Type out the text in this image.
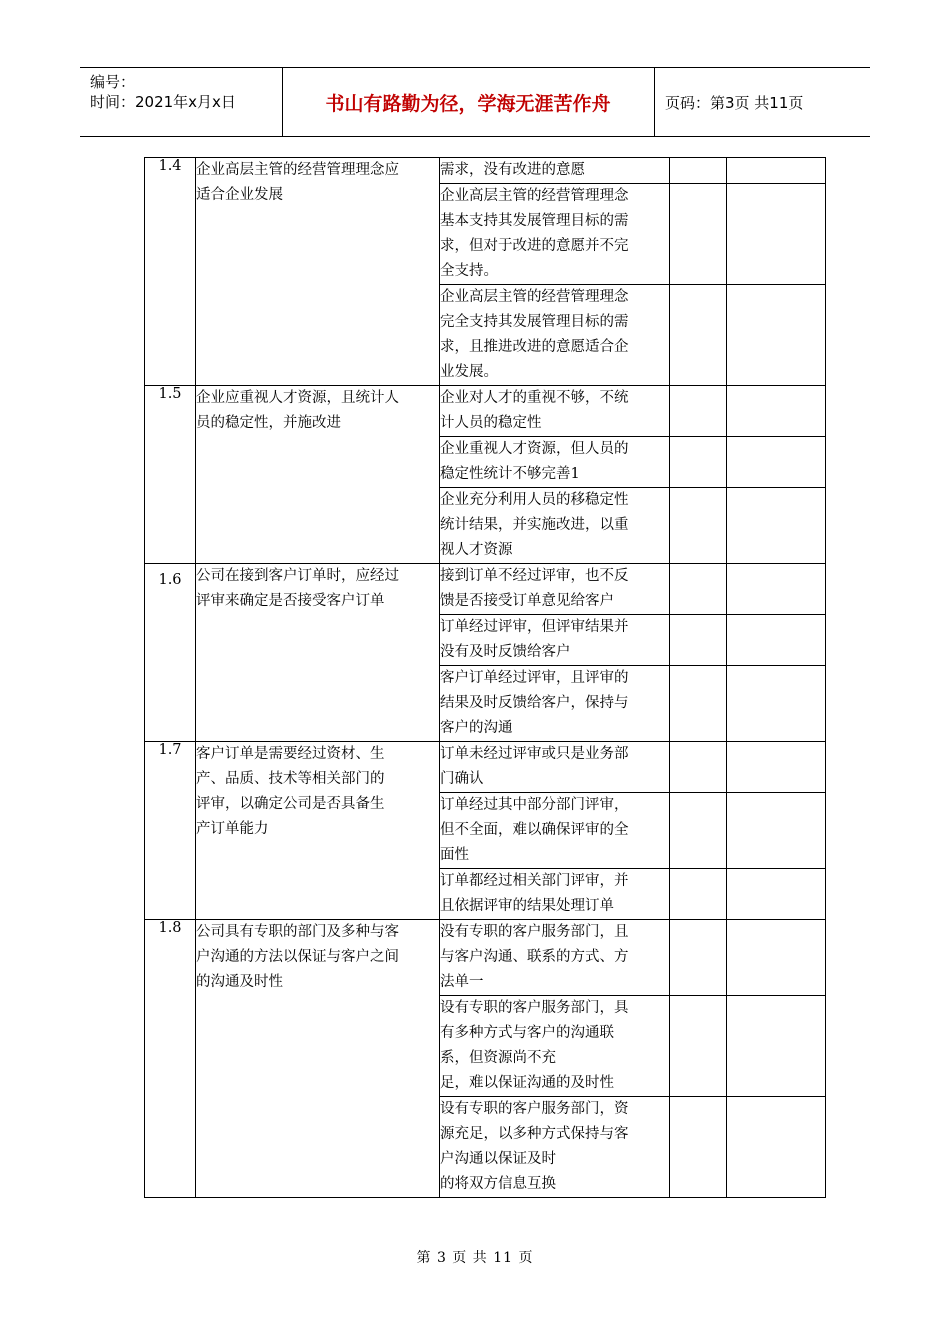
编号：
时间：2021年x月x日	书山有路勤为径，学海无涯苦作舟	页码：第3页 共11页
1.4	企业高层主管的经营管理理念应
适合企业发展	需求，没有改进的意愿		

		企业高层主管的经营管理理念
基本支持其发展管理目标的需
求，但对于改进的意愿并不完
全支持。		

		企业高层主管的经营管理理念
完全支持其发展管理目标的需
求，且推进改进的意愿适合企
业发展。		

1.5	企业应重视人才资源，且统计人
员的稳定性，并施改进	企业对人才的重视不够，不统
计人员的稳定性		

		企业重视人才资源，但人员的
稳定性统计不够完善1		

		企业充分利用人员的移稳定性
统计结果，并实施改进，以重
视人才资源		

1.6	公司在接到客户订单时，应经过
评审来确定是否接受客户订单	接到订单不经过评审，也不反
馈是否接受订单意见给客户		

		订单经过评审，但评审结果并
没有及时反馈给客户		

		客户订单经过评审，且评审的
结果及时反馈给客户，保持与
客户的沟通		

1.7	客户订单是需要经过资材、生
产、品质、技术等相关部门的
评审，以确定公司是否具备生
产订单能力	订单未经过评审或只是业务部
门确认		

		订单经过其中部分部门评审，
但不全面，难以确保评审的全
面性		

		订单都经过相关部门评审，并
且依据评审的结果处理订单		

1.8	公司具有专职的部门及多种与客
户沟通的方法以保证与客户之间
的沟通及时性	没有专职的客户服务部门，且
与客户沟通、联系的方式、方
法单一		

		设有专职的客户服务部门，具
有多种方式与客户的沟通联
系，但资源尚不充
足，难以保证沟通的及时性		

		设有专职的客户服务部门，资
源充足，以多种方式保持与客
户沟通以保证及时
的将双方信息互换		

第 3 页 共 11 页
